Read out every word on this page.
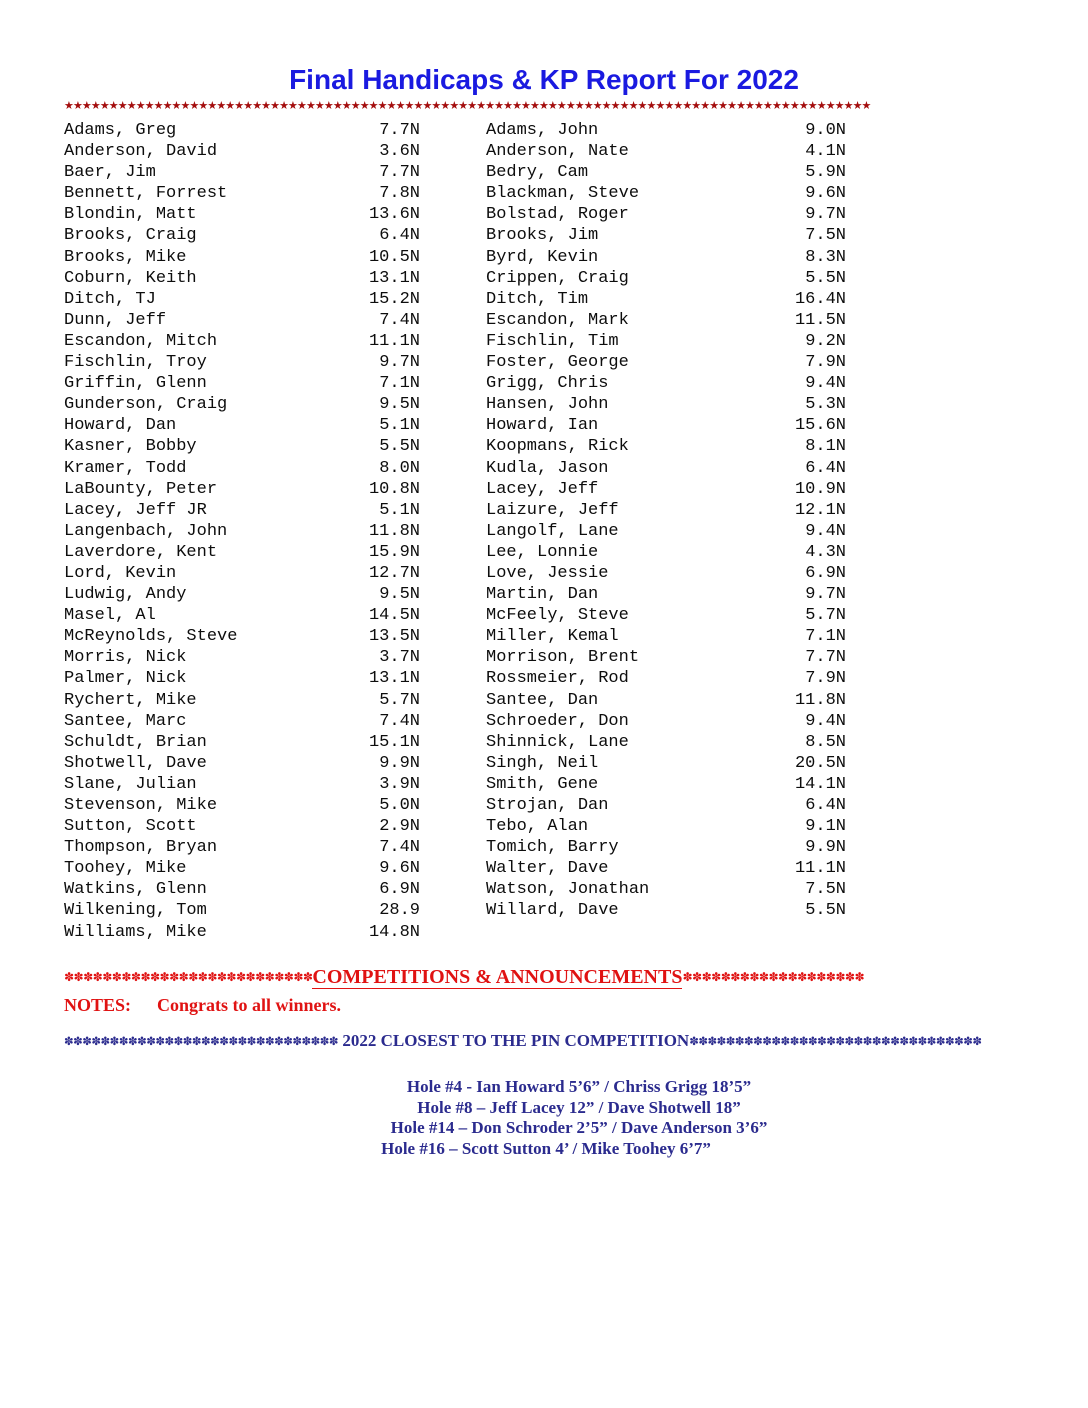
Final Handicaps & KP Report For 2022
★★★★★★★★★★★★★★★★★★★★★★★★★★★★★★★★★★★★★★★★★★★★★★★★★★★★★★★★★★★★★★★★★★★★★★★★★★★★★★★★★★★★★★★★★★
Adams, Greg	7.7N
Anderson, David	3.6N
Baer, Jim	7.7N
Bennett, Forrest	7.8N
Blondin, Matt	13.6N
Brooks, Craig	6.4N
Brooks, Mike	10.5N
Coburn, Keith	13.1N
Ditch, TJ	15.2N
Dunn, Jeff	7.4N
Escandon, Mitch	11.1N
Fischlin, Troy	9.7N
Griffin, Glenn	7.1N
Gunderson, Craig	9.5N
Howard, Dan	5.1N
Kasner, Bobby	5.5N
Kramer, Todd	8.0N
LaBounty, Peter	10.8N
Lacey, Jeff JR	5.1N
Langenbach, John	11.8N
Laverdore, Kent	15.9N
Lord, Kevin	12.7N
Ludwig, Andy	9.5N
Masel, Al	14.5N
McReynolds, Steve	13.5N
Morris, Nick	3.7N
Palmer, Nick	13.1N
Rychert, Mike	5.7N
Santee, Marc	7.4N
Schuldt, Brian	15.1N
Shotwell, Dave	9.9N
Slane, Julian	3.9N
Stevenson, Mike	5.0N
Sutton, Scott	2.9N
Thompson, Bryan	7.4N
Toohey, Mike	9.6N
Watkins, Glenn	6.9N
Wilkening, Tom	28.9
Williams, Mike	14.8N
Adams, John	9.0N
Anderson, Nate	4.1N
Bedry, Cam	5.9N
Blackman, Steve	9.6N
Bolstad, Roger	9.7N
Brooks, Jim	7.5N
Byrd, Kevin	8.3N
Crippen, Craig	5.5N
Ditch, Tim	16.4N
Escandon, Mark	11.5N
Fischlin, Tim	9.2N
Foster, George	7.9N
Grigg, Chris	9.4N
Hansen, John	5.3N
Howard, Ian	15.6N
Koopmans, Rick	8.1N
Kudla, Jason	6.4N
Lacey, Jeff	10.9N
Laizure, Jeff	12.1N
Langolf, Lane	9.4N
Lee, Lonnie	4.3N
Love, Jessie	6.9N
Martin, Dan	9.7N
McFeely, Steve	5.7N
Miller, Kemal	7.1N
Morrison, Brent	7.7N
Rossmeier, Rod	7.9N
Santee, Dan	11.8N
Schroeder, Don	9.4N
Shinnick, Lane	8.5N
Singh, Neil	20.5N
Smith, Gene	14.1N
Strojan, Dan	6.4N
Tebo, Alan	9.1N
Tomich, Barry	9.9N
Walter, Dave	11.1N
Watson, Jonathan	7.5N
Willard, Dave	5.5N
✽✽✽✽✽✽✽✽✽✽✽✽✽✽✽✽✽✽✽✽✽✽✽✽✽✽COMPETITIONS & ANNOUNCEMENTS✽✽✽✽✽✽✽✽✽✽✽✽✽✽✽✽✽✽✽
NOTES: Congrats to all winners.
✽✽✽✽✽✽✽✽✽✽✽✽✽✽✽✽✽✽✽✽✽✽✽✽✽✽✽✽✽✽ 2022 CLOSEST TO THE PIN COMPETITION✽✽✽✽✽✽✽✽✽✽✽✽✽✽✽✽✽✽✽✽✽✽✽✽✽✽✽✽✽✽✽✽
Hole #4 - Ian Howard 5’6” / Chriss Grigg 18’5”
Hole #8 – Jeff Lacey 12” / Dave Shotwell 18”
Hole #14 – Don Schroder 2’5” / Dave Anderson 3’6”
Hole #16 – Scott Sutton 4’ / Mike Toohey 6’7”
